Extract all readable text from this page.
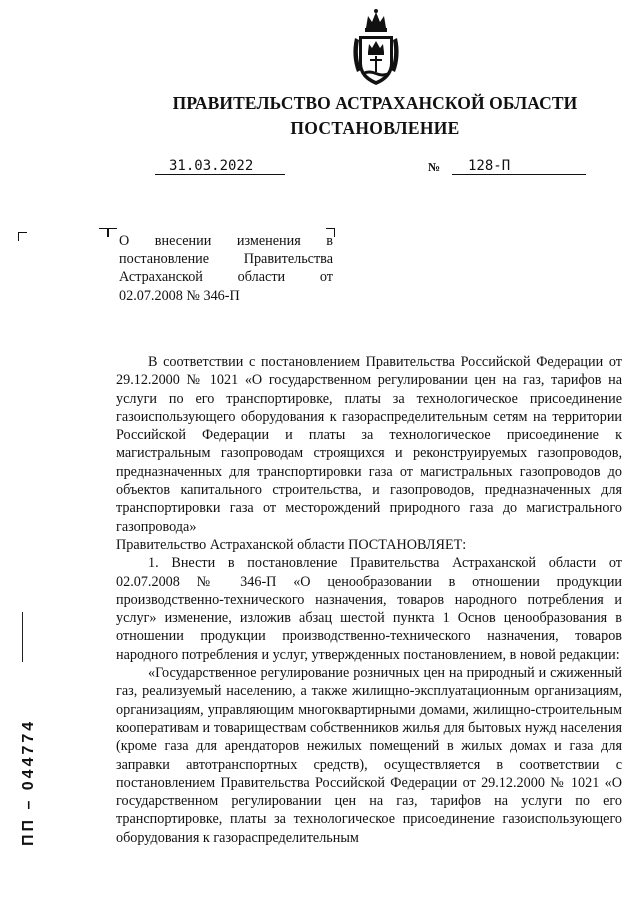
ПРАВИТЕЛЬСТВО АСТРАХАНСКОЙ ОБЛАСТИ
ПОСТАНОВЛЕНИЕ
31.03.2022	№	128-П
О внесении изменения в постановление Правительства Астраханской области от 02.07.2008 № 346-П

В соответствии с постановлением Правительства Российской Федерации от 29.12.2000 № 1021 «О государственном регулировании цен на газ, тарифов на услуги по его транспортировке, платы за технологическое присоединение газоиспользующего оборудования к газораспределительным сетям на территории Российской Федерации и платы за технологическое присоединение к магистральным газопроводам строящихся и реконструируемых газопроводов, предназначенных для транспортировки газа от магистральных газопроводов до объектов капитального строительства, и газопроводов, предназначенных для транспортировки газа от месторождений природного газа до магистрального газопровода»

Правительство Астраханской области ПОСТАНОВЛЯЕТ:

1. Внести в постановление Правительства Астраханской области от 02.07.2008 № 346-П «О ценообразовании в отношении продукции производственно-технического назначения, товаров народного потребления и услуг» изменение, изложив абзац шестой пункта 1 Основ ценообразования в отношении продукции производственно-технического назначения, товаров народного потребления и услуг, утвержденных постановлением, в новой редакции:

«Государственное регулирование розничных цен на природный и сжиженный газ, реализуемый населению, а также жилищно-эксплуатационным организациям, организациям, управляющим многоквартирными домами, жилищно-строительным кооперативам и товариществам собственников жилья для бытовых нужд населения (кроме газа для арендаторов нежилых помещений в жилых домах и газа для заправки автотранспортных средств), осуществляется в соответствии с постановлением Правительства Российской Федерации от 29.12.2000 № 1021 «О государственном регулировании цен на газ, тарифов на услуги по его транспортировке, платы за технологическое присоединение газоиспользующего оборудования к газораспределительным

ПП – 044774
